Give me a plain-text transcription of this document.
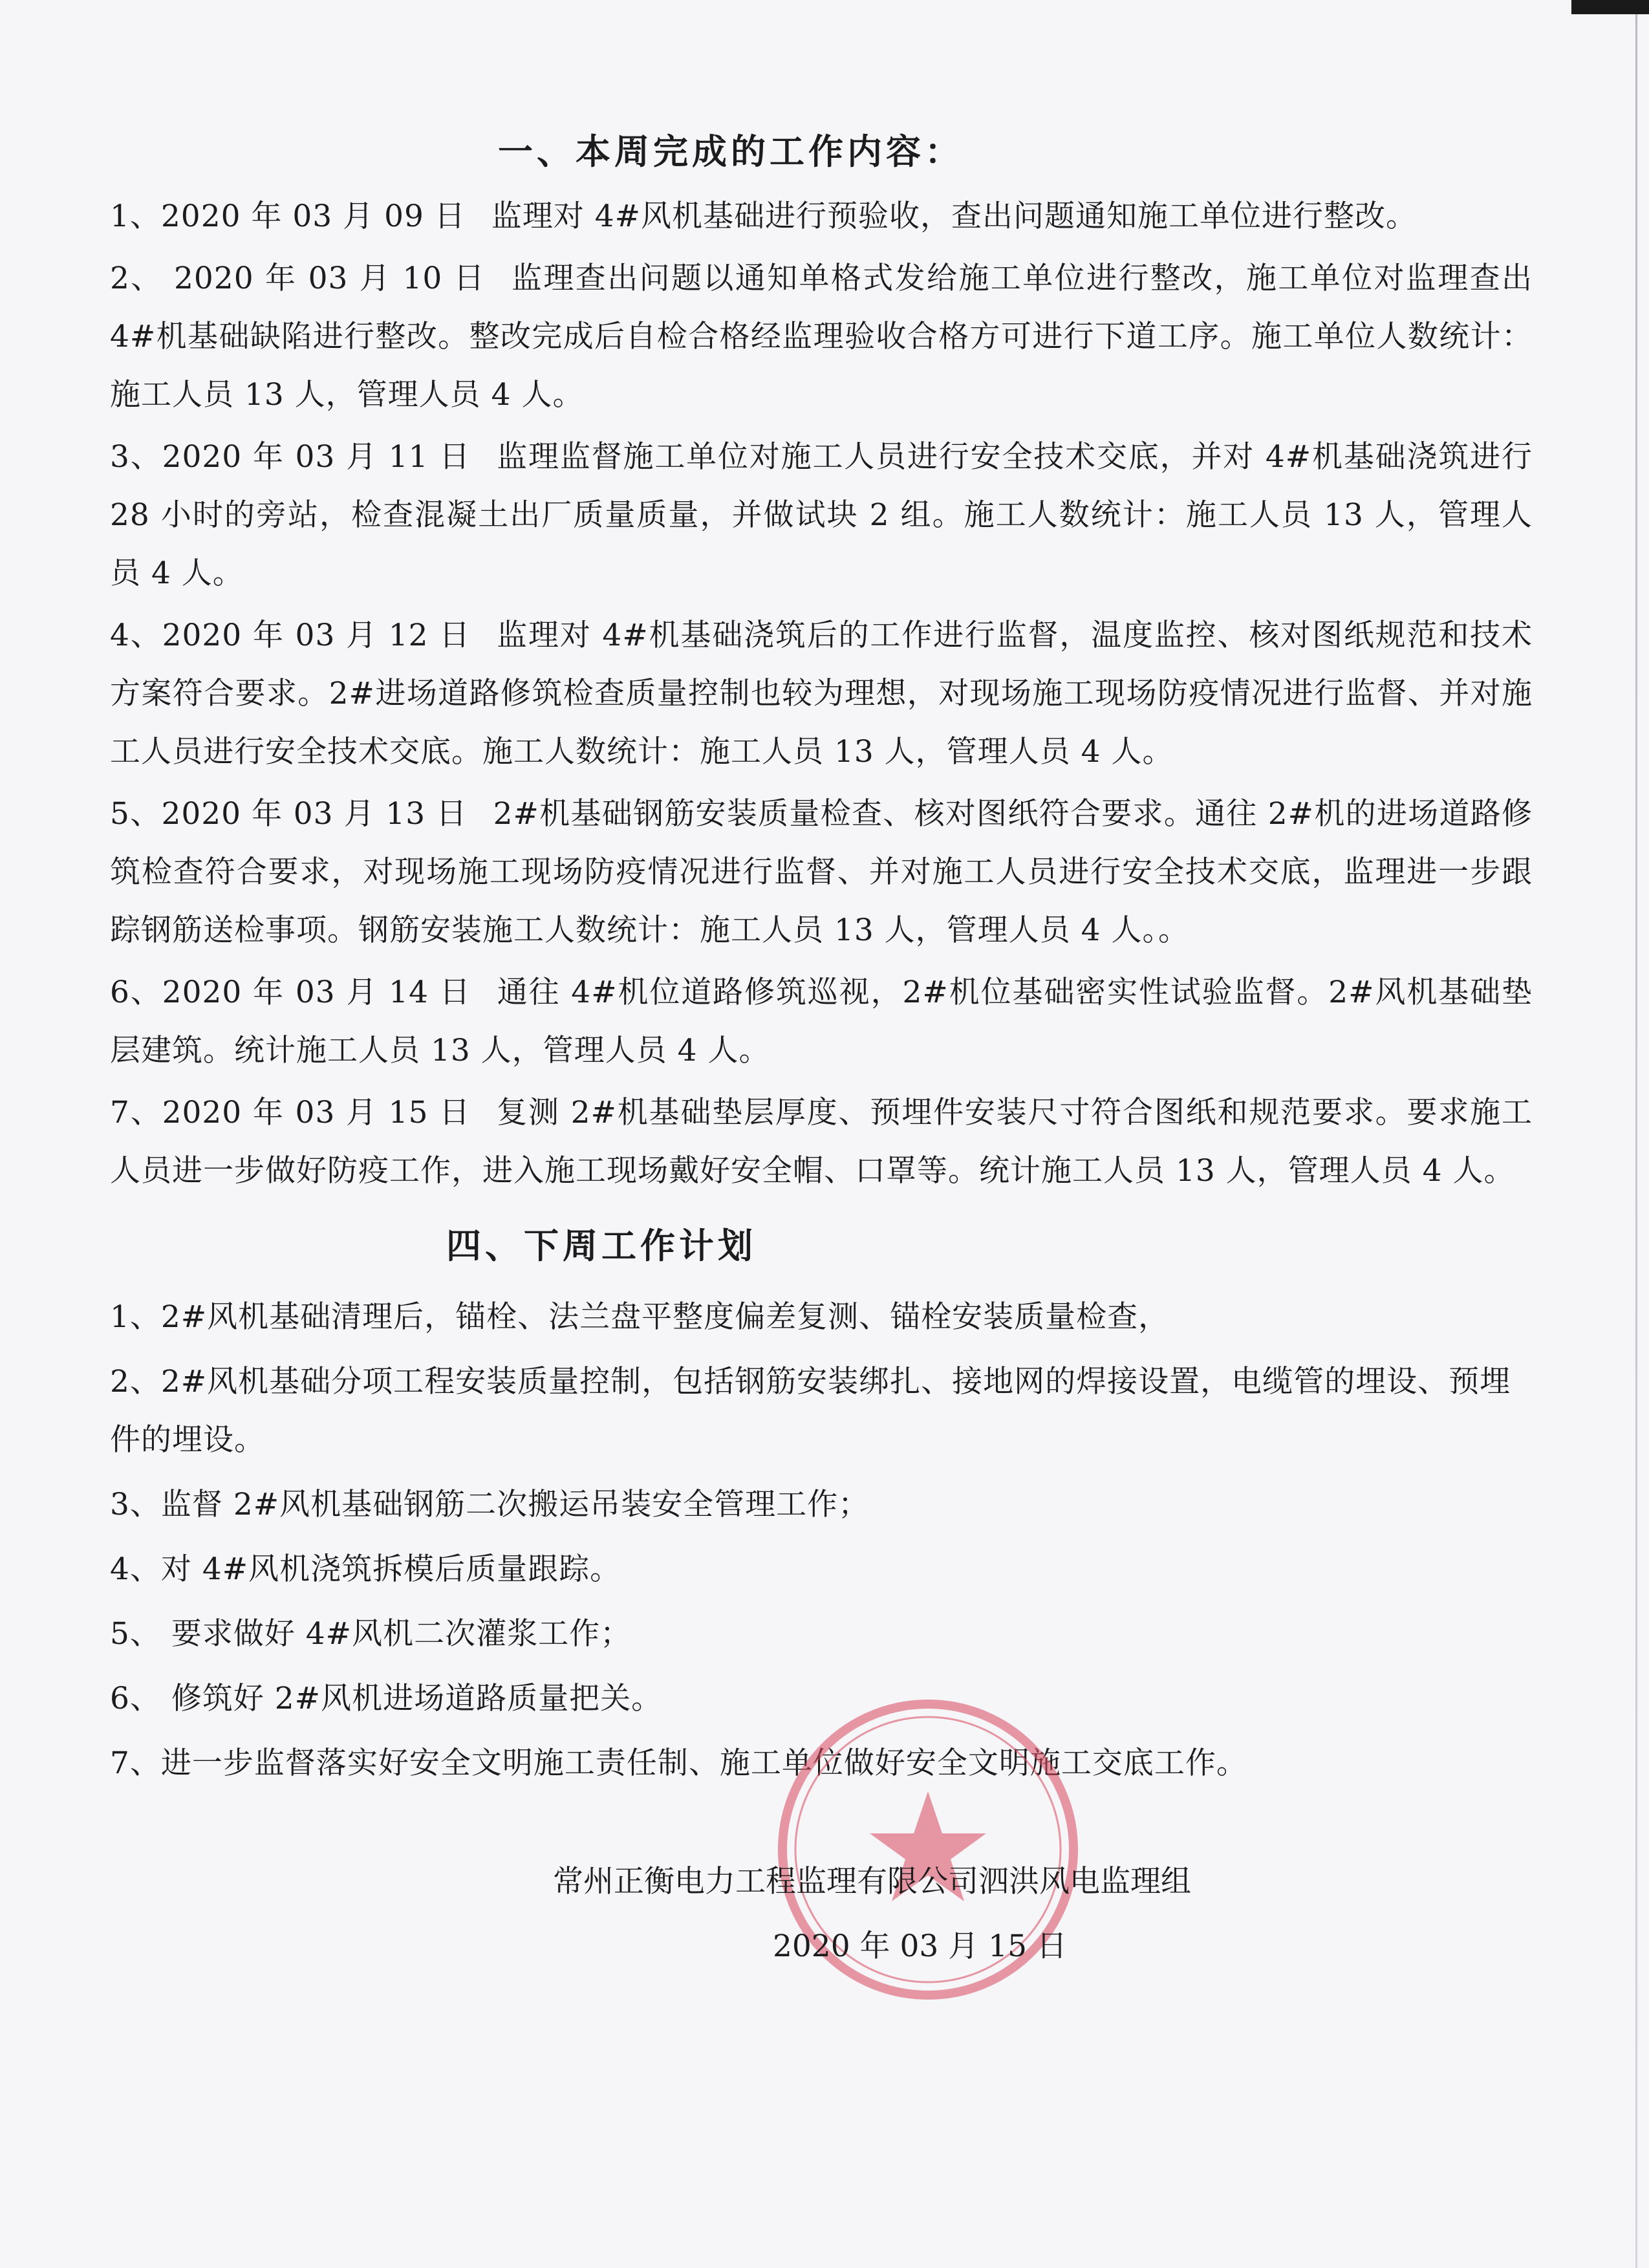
一、本周完成的工作内容：

1、2020 年 03 月 09 日 监理对 4#风机基础进行预验收，查出问题通知施工单位进行整改。

2、 2020 年 03 月 10 日 监理查出问题以通知单格式发给施工单位进行整改，施工单位对监理查出 4#机基础缺陷进行整改。整改完成后自检合格经监理验收合格方可进行下道工序。施工单位人数统计：施工人员 13 人，管理人员 4 人。

3、2020 年 03 月 11 日 监理监督施工单位对施工人员进行安全技术交底，并对 4#机基础浇筑进行 28 小时的旁站，检查混凝土出厂质量质量，并做试块 2 组。施工人数统计：施工人员 13 人，管理人员 4 人。

4、2020 年 03 月 12 日 监理对 4#机基础浇筑后的工作进行监督，温度监控、核对图纸规范和技术方案符合要求。2#进场道路修筑检查质量控制也较为理想，对现场施工现场防疫情况进行监督、并对施工人员进行安全技术交底。施工人数统计：施工人员 13 人，管理人员 4 人。

5、2020 年 03 月 13 日 2#机基础钢筋安装质量检查、核对图纸符合要求。通往 2#机的进场道路修筑检查符合要求，对现场施工现场防疫情况进行监督、并对施工人员进行安全技术交底，监理进一步跟踪钢筋送检事项。钢筋安装施工人数统计：施工人员 13 人，管理人员 4 人。。

6、2020 年 03 月 14 日 通往 4#机位道路修筑巡视，2#机位基础密实性试验监督。2#风机基础垫层建筑。统计施工人员 13 人，管理人员 4 人。

7、2020 年 03 月 15 日 复测 2#机基础垫层厚度、预埋件安装尺寸符合图纸和规范要求。要求施工人员进一步做好防疫工作，进入施工现场戴好安全帽、口罩等。统计施工人员 13 人，管理人员 4 人。

四、下周工作计划

1、2#风机基础清理后，锚栓、法兰盘平整度偏差复测、锚栓安装质量检查，

2、2#风机基础分项工程安装质量控制，包括钢筋安装绑扎、接地网的焊接设置，电缆管的埋设、预埋件的埋设。

3、监督 2#风机基础钢筋二次搬运吊装安全管理工作；

4、对 4#风机浇筑拆模后质量跟踪。

5、 要求做好 4#风机二次灌浆工作；

6、 修筑好 2#风机进场道路质量把关。

7、进一步监督落实好安全文明施工责任制、施工单位做好安全文明施工交底工作。

常州正衡电力工程监理有限公司泗洪风电监理组
2020 年 03 月 15 日
